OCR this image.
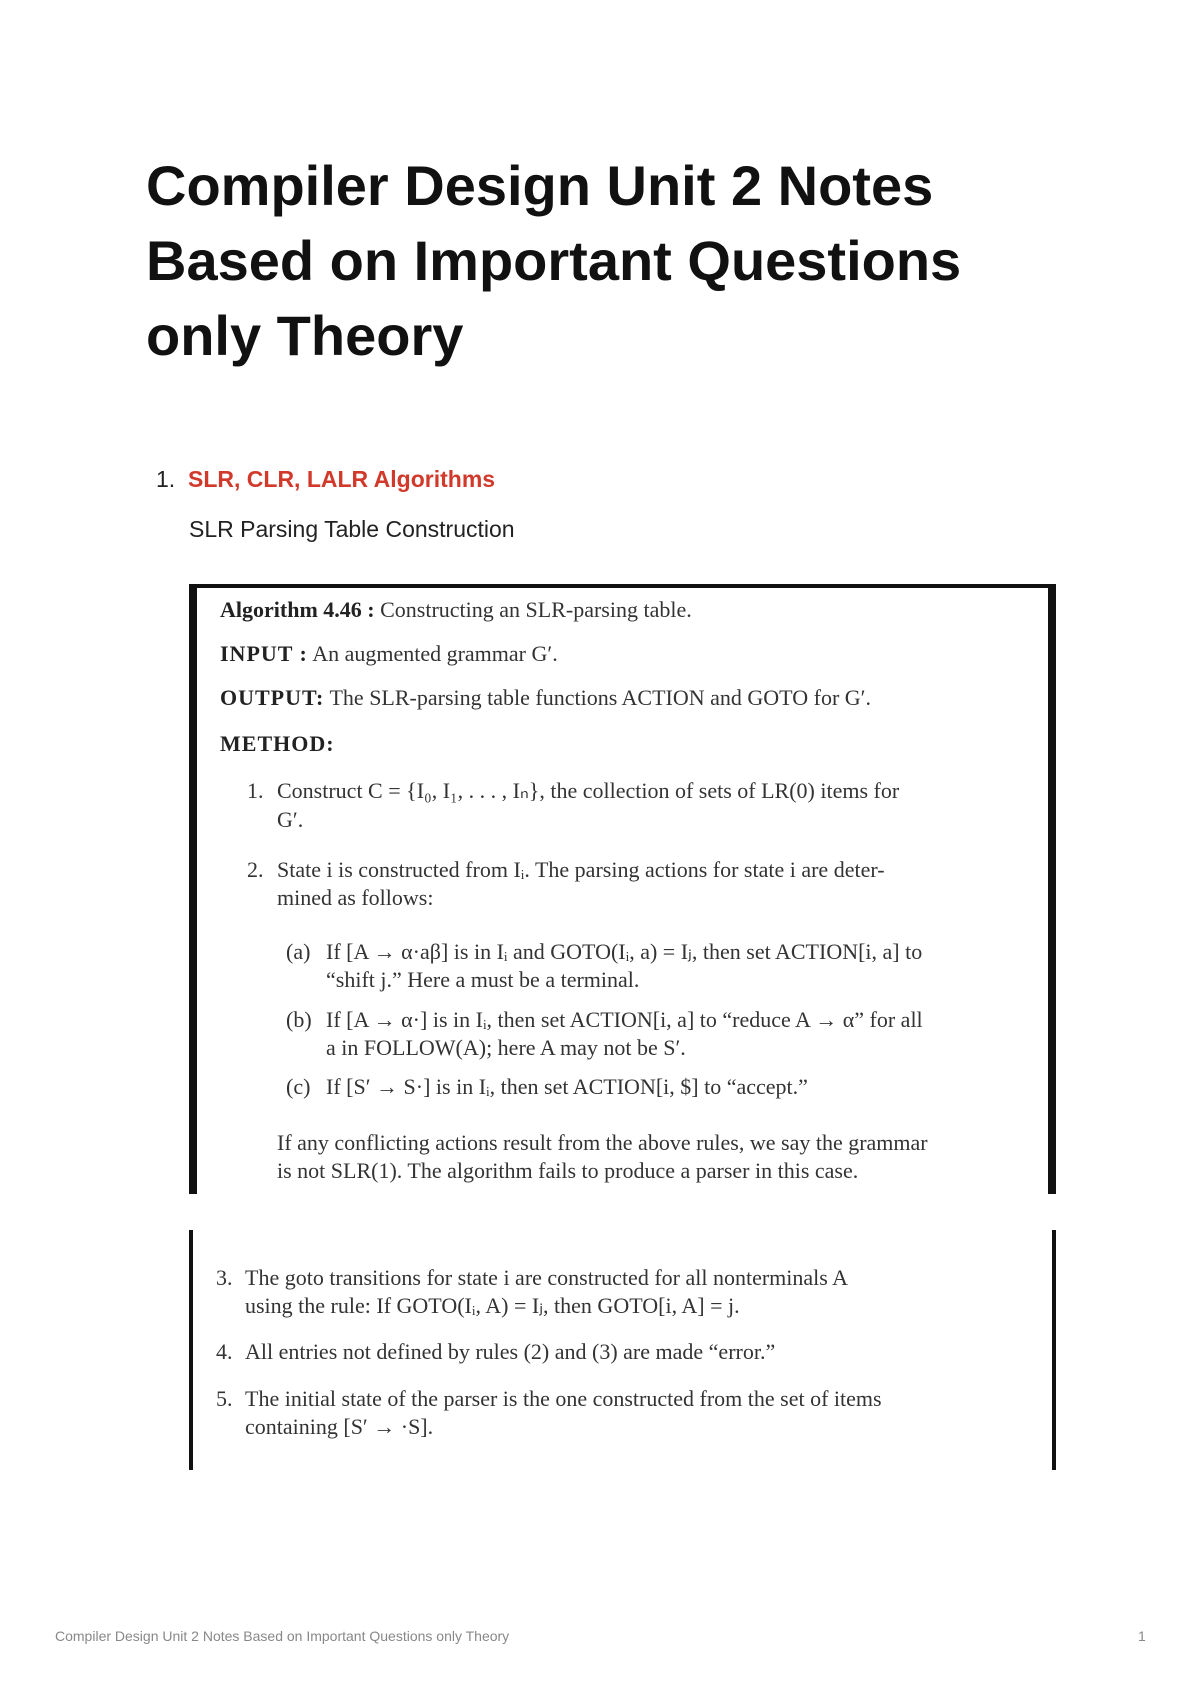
Compiler Design Unit 2 Notes
Based on Important Questions
only Theory
1. SLR, CLR, LALR Algorithms
SLR Parsing Table Construction
Algorithm 4.46 : Constructing an SLR-parsing table.
INPUT : An augmented grammar G′.
OUTPUT: The SLR-parsing table functions ACTION and GOTO for G′.
METHOD:
1. Construct C = {I₀, I₁, . . . , Iₙ}, the collection of sets of LR(0) items for
G′.
2. State i is constructed from Iᵢ. The parsing actions for state i are deter-
mined as follows:
(a) If [A → α·aβ] is in Iᵢ and GOTO(Iᵢ, a) = Iⱼ, then set ACTION[i, a] to
“shift j.” Here a must be a terminal.
(b) If [A → α·] is in Iᵢ, then set ACTION[i, a] to “reduce A → α” for all
a in FOLLOW(A); here A may not be S′.
(c) If [S′ → S·] is in Iᵢ, then set ACTION[i, $] to “accept.”
If any conflicting actions result from the above rules, we say the grammar
is not SLR(1). The algorithm fails to produce a parser in this case.
3. The goto transitions for state i are constructed for all nonterminals A
using the rule: If GOTO(Iᵢ, A) = Iⱼ, then GOTO[i, A] = j.
4. All entries not defined by rules (2) and (3) are made “error.”
5. The initial state of the parser is the one constructed from the set of items
containing [S′ → ·S].
Compiler Design Unit 2 Notes Based on Important Questions only Theory	1
